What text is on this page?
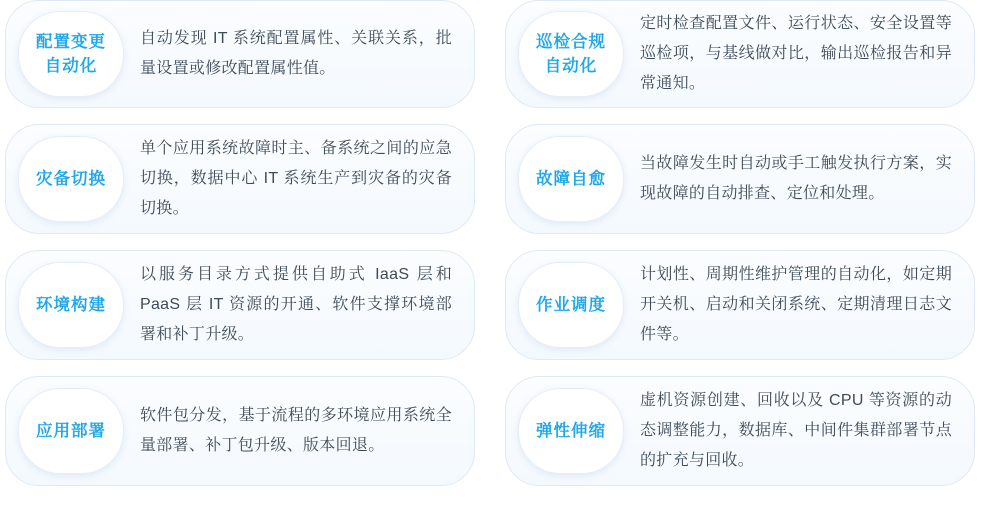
配置变更
自动化
自动发现 IT 系统配置属性、关联关系，批量设置或修改配置属性值。
灾备切换
单个应用系统故障时主、备系统之间的应急切换，数据中心 IT 系统生产到灾备的灾备切换。
环境构建
以服务目录方式提供自助式 IaaS 层和PaaS 层 IT 资源的开通、软件支撑环境部署和补丁升级。
应用部署
软件包分发，基于流程的多环境应用系统全量部署、补丁包升级、版本回退。
巡检合规
自动化
定时检查配置文件、运行状态、安全设置等巡检项，与基线做对比，输出巡检报告和异常通知。
故障自愈
当故障发生时自动或手工触发执行方案，实现故障的自动排查、定位和处理。
作业调度
计划性、周期性维护管理的自动化，如定期开关机、启动和关闭系统、定期清理日志文件等。
弹性伸缩
虚机资源创建、回收以及 CPU 等资源的动态调整能力，数据库、中间件集群部署节点的扩充与回收。
